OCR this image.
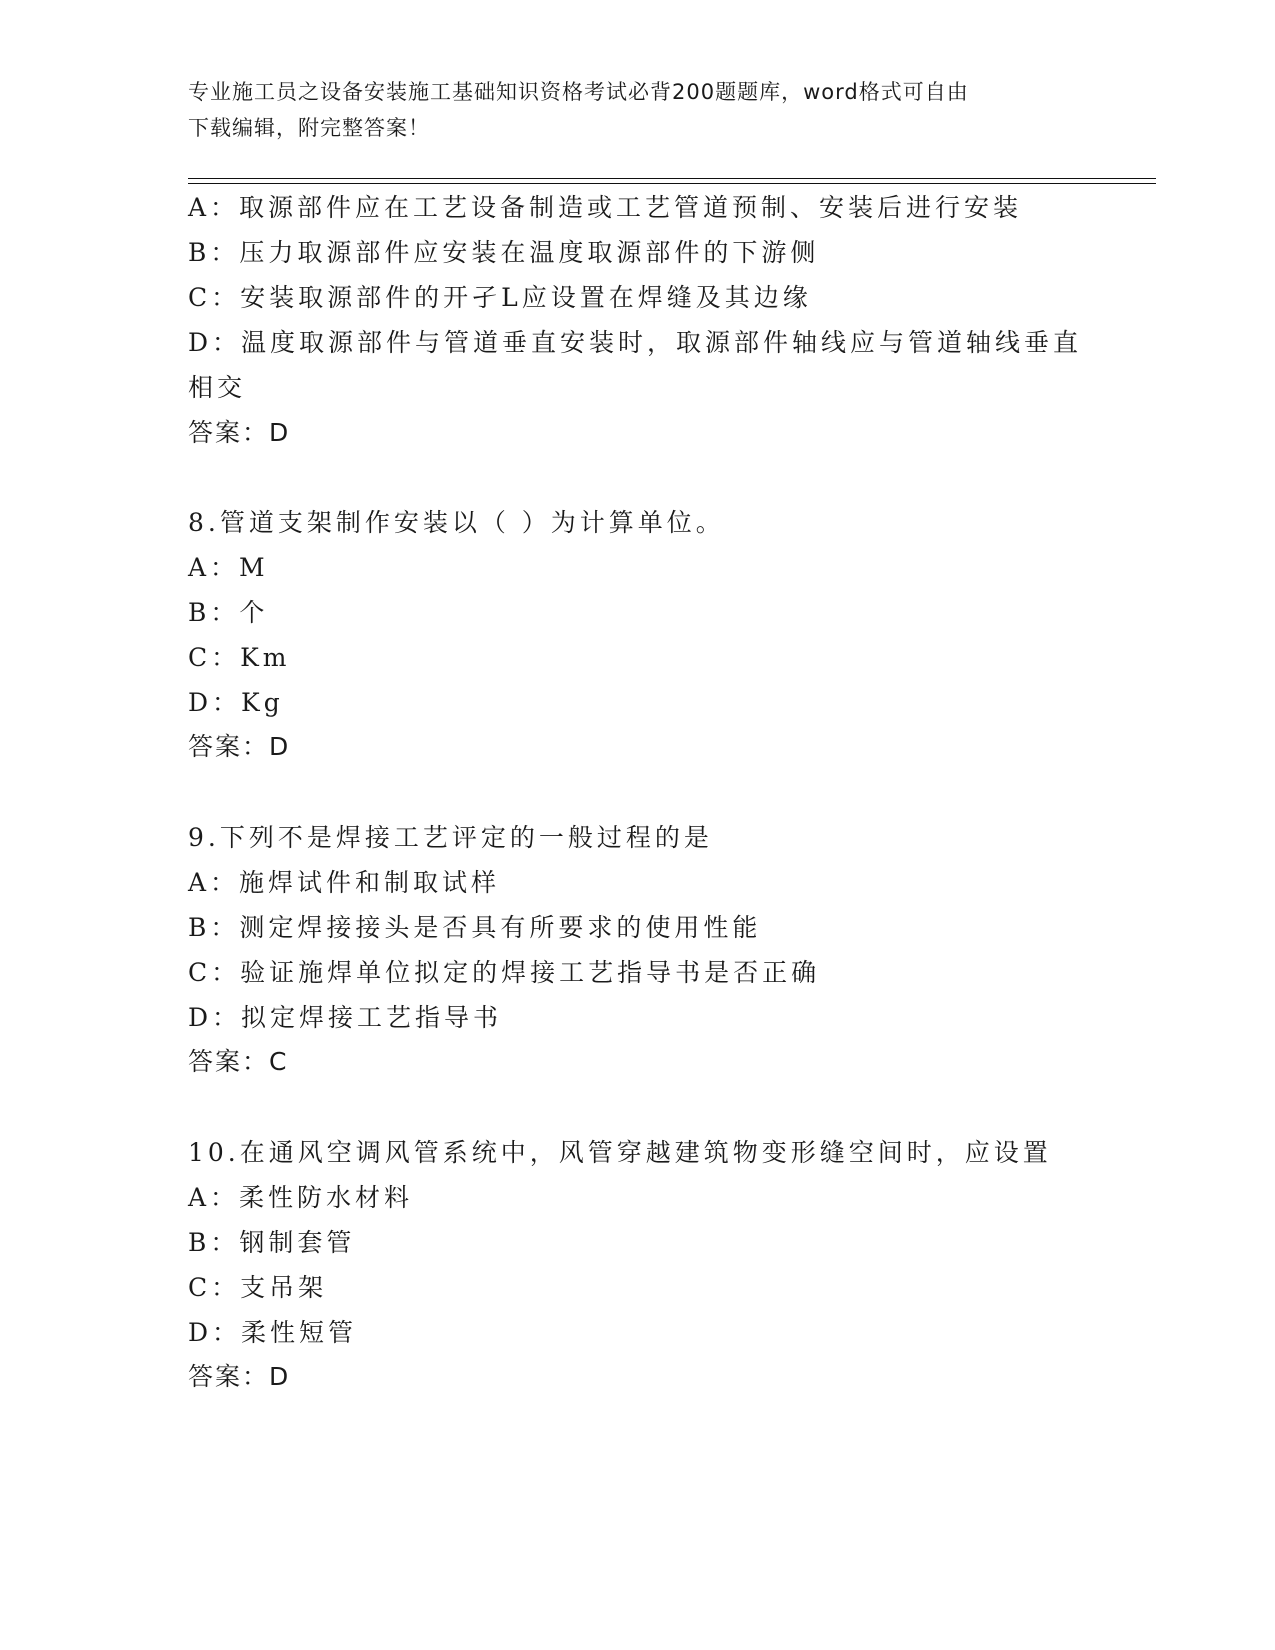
专业施工员之设备安装施工基础知识资格考试必背200题题库，word格式可自由
下载编辑，附完整答案！
A：取源部件应在工艺设备制造或工艺管道预制、安装后进行安装
B：压力取源部件应安装在温度取源部件的下游侧
C：安装取源部件的开孑L应设置在焊缝及其边缘
D：温度取源部件与管道垂直安装时，取源部件轴线应与管道轴线垂直
相交
答案：D
8.管道支架制作安装以（ ）为计算单位。
A：M
B：个
C：Km
D：Kg
答案：D
9.下列不是焊接工艺评定的一般过程的是
A：施焊试件和制取试样
B：测定焊接接头是否具有所要求的使用性能
C：验证施焊单位拟定的焊接工艺指导书是否正确
D：拟定焊接工艺指导书
答案：C
10.在通风空调风管系统中，风管穿越建筑物变形缝空间时，应设置
A：柔性防水材料
B：钢制套管
C：支吊架
D：柔性短管
答案：D
